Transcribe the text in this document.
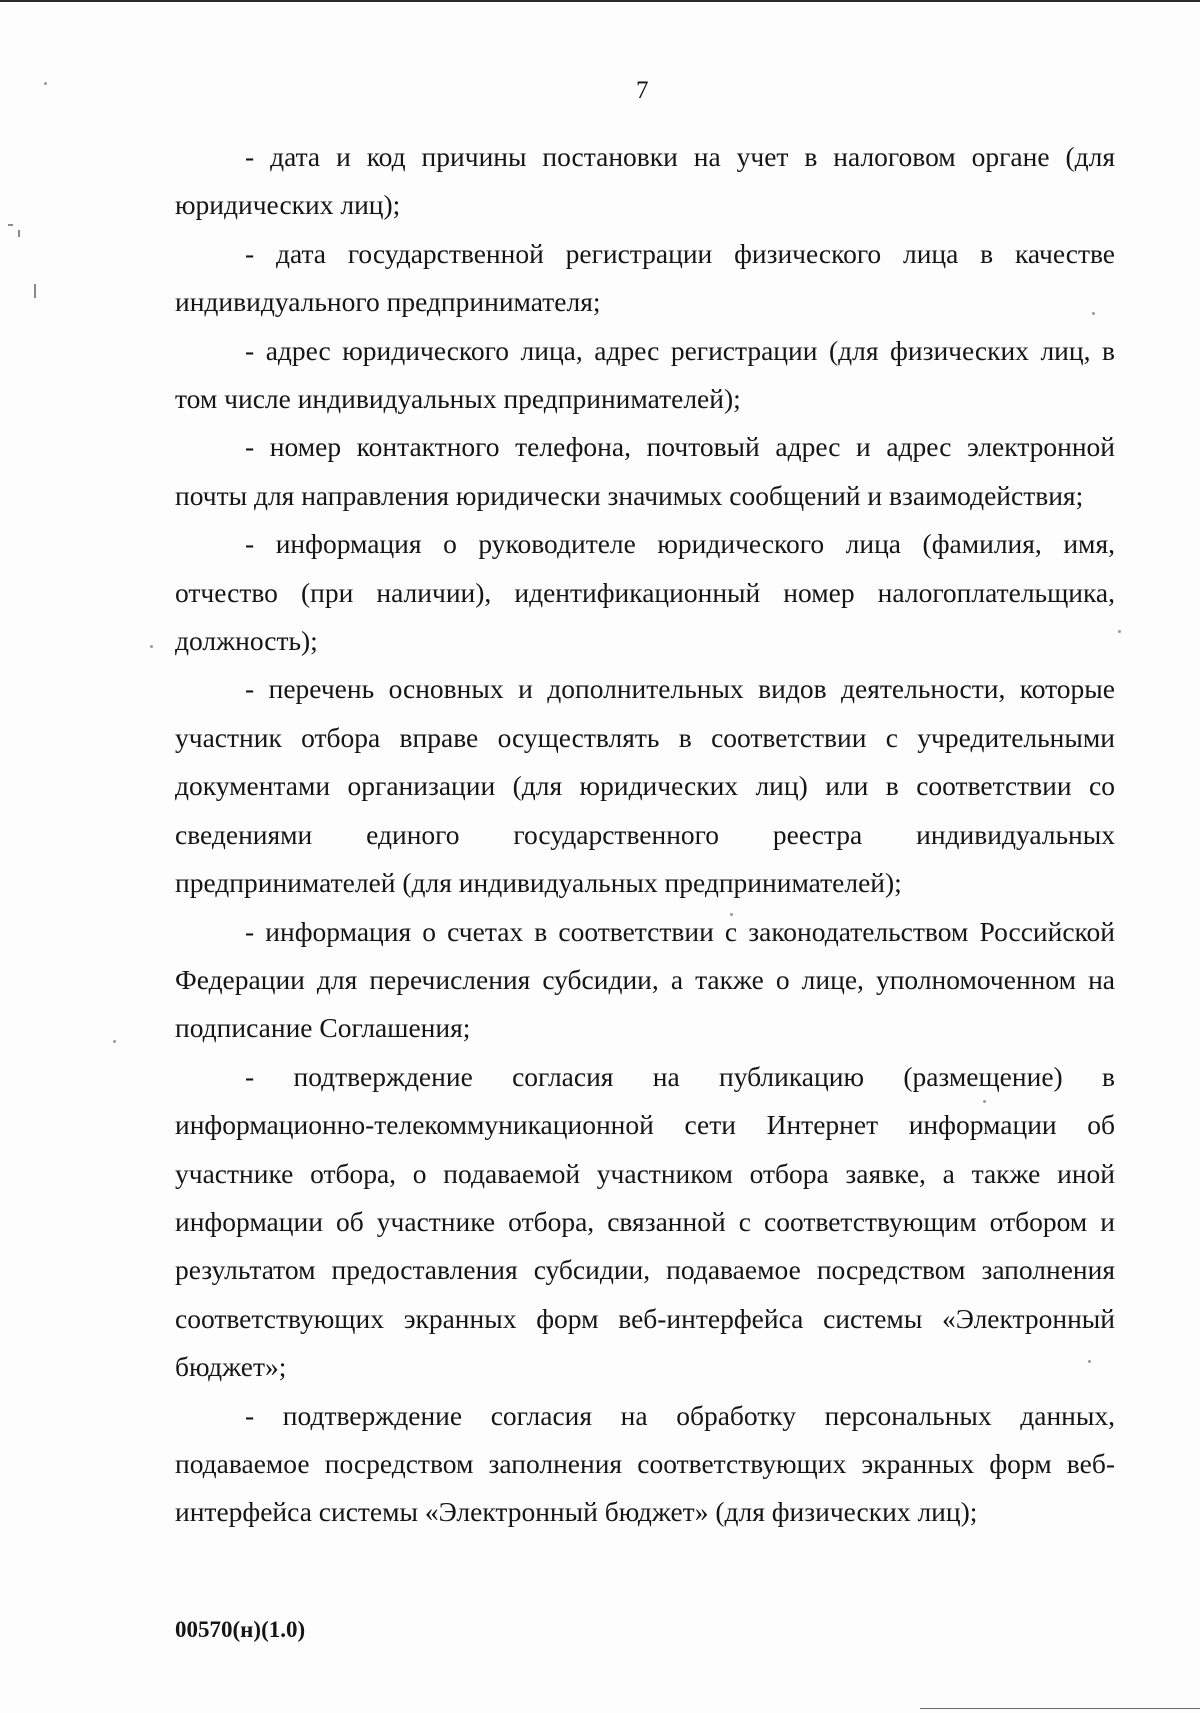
7

- дата и код причины постановки на учет в налоговом органе (для юридических лиц);

- дата государственной регистрации физического лица в качестве индивидуального предпринимателя;

- адрес юридического лица, адрес регистрации (для физических лиц, в том числе индивидуальных предпринимателей);

- номер контактного телефона, почтовый адрес и адрес электронной почты для направления юридически значимых сообщений и взаимодействия;

- информация о руководителе юридического лица (фамилия, имя, отчество (при наличии), идентификационный номер налогоплательщика, должность);

- перечень основных и дополнительных видов деятельности, которые участник отбора вправе осуществлять в соответствии с учредительными документами организации (для юридических лиц) или в соответствии со сведениями единого государственного реестра индивидуальных предпринимателей (для индивидуальных предпринимателей);

- информация о счетах в соответствии с законодательством Российской Федерации для перечисления субсидии, а также о лице, уполномоченном на подписание Соглашения;

- подтверждение согласия на публикацию (размещение) в информационно-телекоммуникационной сети Интернет информации об участнике отбора, о подаваемой участником отбора заявке, а также иной информации об участнике отбора, связанной с соответствующим отбором и результатом предоставления субсидии, подаваемое посредством заполнения соответствующих экранных форм веб-интерфейса системы «Электронный бюджет»;

- подтверждение согласия на обработку персональных данных, подаваемое посредством заполнения соответствующих экранных форм веб-интерфейса системы «Электронный бюджет» (для физических лиц);

00570(н)(1.0)
